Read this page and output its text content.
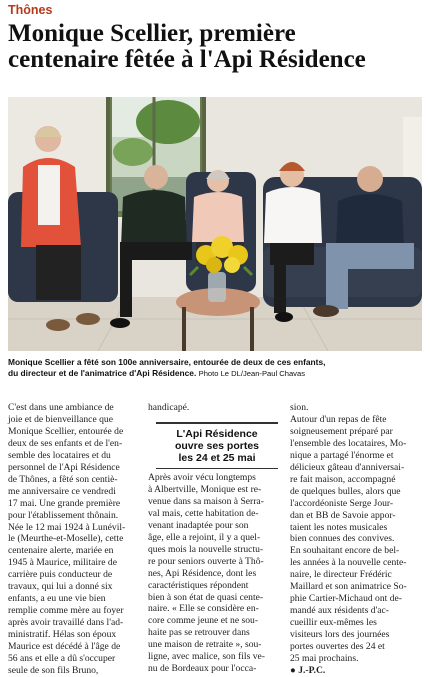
Thônes
Monique Scellier, première
centenaire fêtée à l'Api Résidence
Monique Scellier a fêté son 100e anniversaire, entourée de deux de ces enfants,
du directeur et de l'animatrice d'Api Résidence. Photo Le DL/Jean-Paul Chavas
C'est dans une ambiance de
joie et de bienveillance que
Monique Scellier, entourée de
deux de ses enfants et de l'en-
semble des locataires et du
personnel de l'Api Résidence
de Thônes, a fêté son centiè-
me anniversaire ce vendredi
17 mai. Une grande première
pour l'établissement thônain.
Née le 12 mai 1924 à Lunévil-
le (Meurthe-et-Moselle), cette
centenaire alerte, mariée en
1945 à Maurice, militaire de
carrière puis conducteur de
travaux, qui lui a donné six
enfants, a eu une vie bien
remplie comme mère au foyer
après avoir travaillé dans l'ad-
ministratif. Hélas son époux
Maurice est décédé à l'âge de
56 ans et elle a dû s'occuper
seule de son fils Bruno,
handicapé.
L'Api Résidence
ouvre ses portes
les 24 et 25 mai
Après avoir vécu longtemps
à Albertville, Monique est re-
venue dans sa maison à Serra-
val mais, cette habitation de-
venant inadaptée pour son
âge, elle a rejoint, il y a quel-
ques mois la nouvelle structu-
re pour seniors ouverte à Thô-
nes, Api Résidence, dont les
caractéristiques répondent
bien à son état de quasi cente-
naire. « Elle se considère en-
core comme jeune et ne sou-
haite pas se retrouver dans
une maison de retraite », sou-
ligne, avec malice, son fils ve-
nu de Bordeaux pour l'occa-
sion.
Autour d'un repas de fête
soigneusement préparé par
l'ensemble des locataires, Mo-
nique a partagé l'énorme et
délicieux gâteau d'anniversai-
re fait maison, accompagné
de quelques bulles, alors que
l'accordéoniste Serge Jour-
dan et BB de Savoie appor-
taient les notes musicales
bien connues des convives.
En souhaitant encore de bel-
les années à la nouvelle cente-
naire, le directeur Frédéric
Maillard et son animatrice So-
phie Cartier-Michaud ont de-
mandé aux résidents d'ac-
cueillir eux-mêmes les
visiteurs lors des journées
portes ouvertes des 24 et
25 mai prochains.
● J.-P.C.
